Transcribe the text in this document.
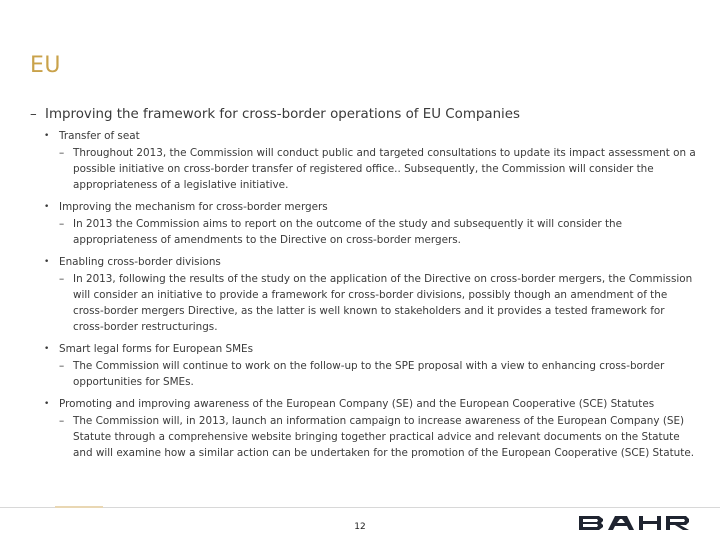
EU
– Improving the framework for cross-border operations of EU Companies
• Transfer of seat
– Throughout 2013, the Commission will conduct public and targeted consultations to update its impact assessment on a possible initiative on cross-border transfer of registered office.. Subsequently, the Commission will consider the appropriateness of a legislative initiative.
• Improving the mechanism for cross-border mergers
– In 2013 the Commission aims to report on the outcome of the study and subsequently it will consider the appropriateness of amendments to the Directive on cross-border mergers.
• Enabling cross-border divisions
– In 2013, following the results of the study on the application of the Directive on cross-border mergers, the Commission will consider an initiative to provide a framework for cross-border divisions, possibly though an amendment of the cross-border mergers Directive, as the latter is well known to stakeholders and it provides a tested framework for cross-border restructurings.
• Smart legal forms for European SMEs
– The Commission will continue to work on the follow-up to the SPE proposal with a view to enhancing cross-border opportunities for SMEs.
• Promoting and improving awareness of the European Company (SE) and the European Cooperative (SCE) Statutes
– The Commission will, in 2013, launch an information campaign to increase awareness of the European Company (SE) Statute through a comprehensive website bringing together practical advice and relevant documents on the Statute and will examine how a similar action can be undertaken for the promotion of the European Cooperative (SCE) Statute.
12
